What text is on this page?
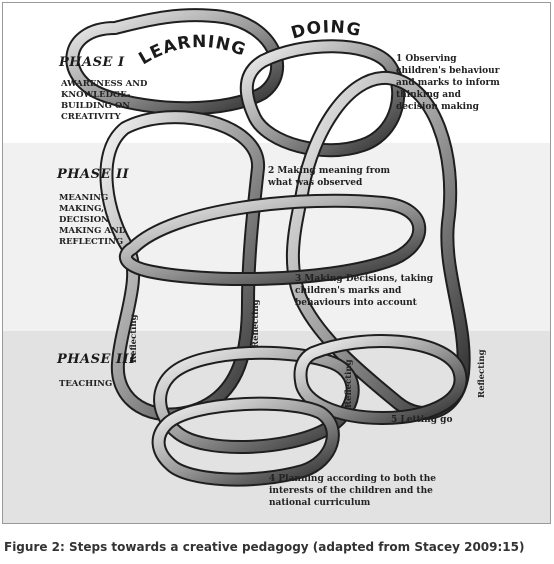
LEARNING
DOING
Reflecting	Reflecting
Reflecting	Reflecting
PHASE I
AWARENESS AND
KNOWLEDGE-
BUILDING ON
CREATIVITY
PHASE II
MEANING
MAKING,
DECISION
MAKING AND
REFLECTING
PHASE III
TEACHING
1 Observing
children's behaviour
and marks to inform
thinking and
decision making
2 Making meaning from
what was observed
3 Making Decisions, taking
children's marks and
behaviours into account
4 Planning according to both the
interests of the children and the
national curriculum
5 Letting go
Figure 2: Steps towards a creative pedagogy (adapted from Stacey 2009:15)
